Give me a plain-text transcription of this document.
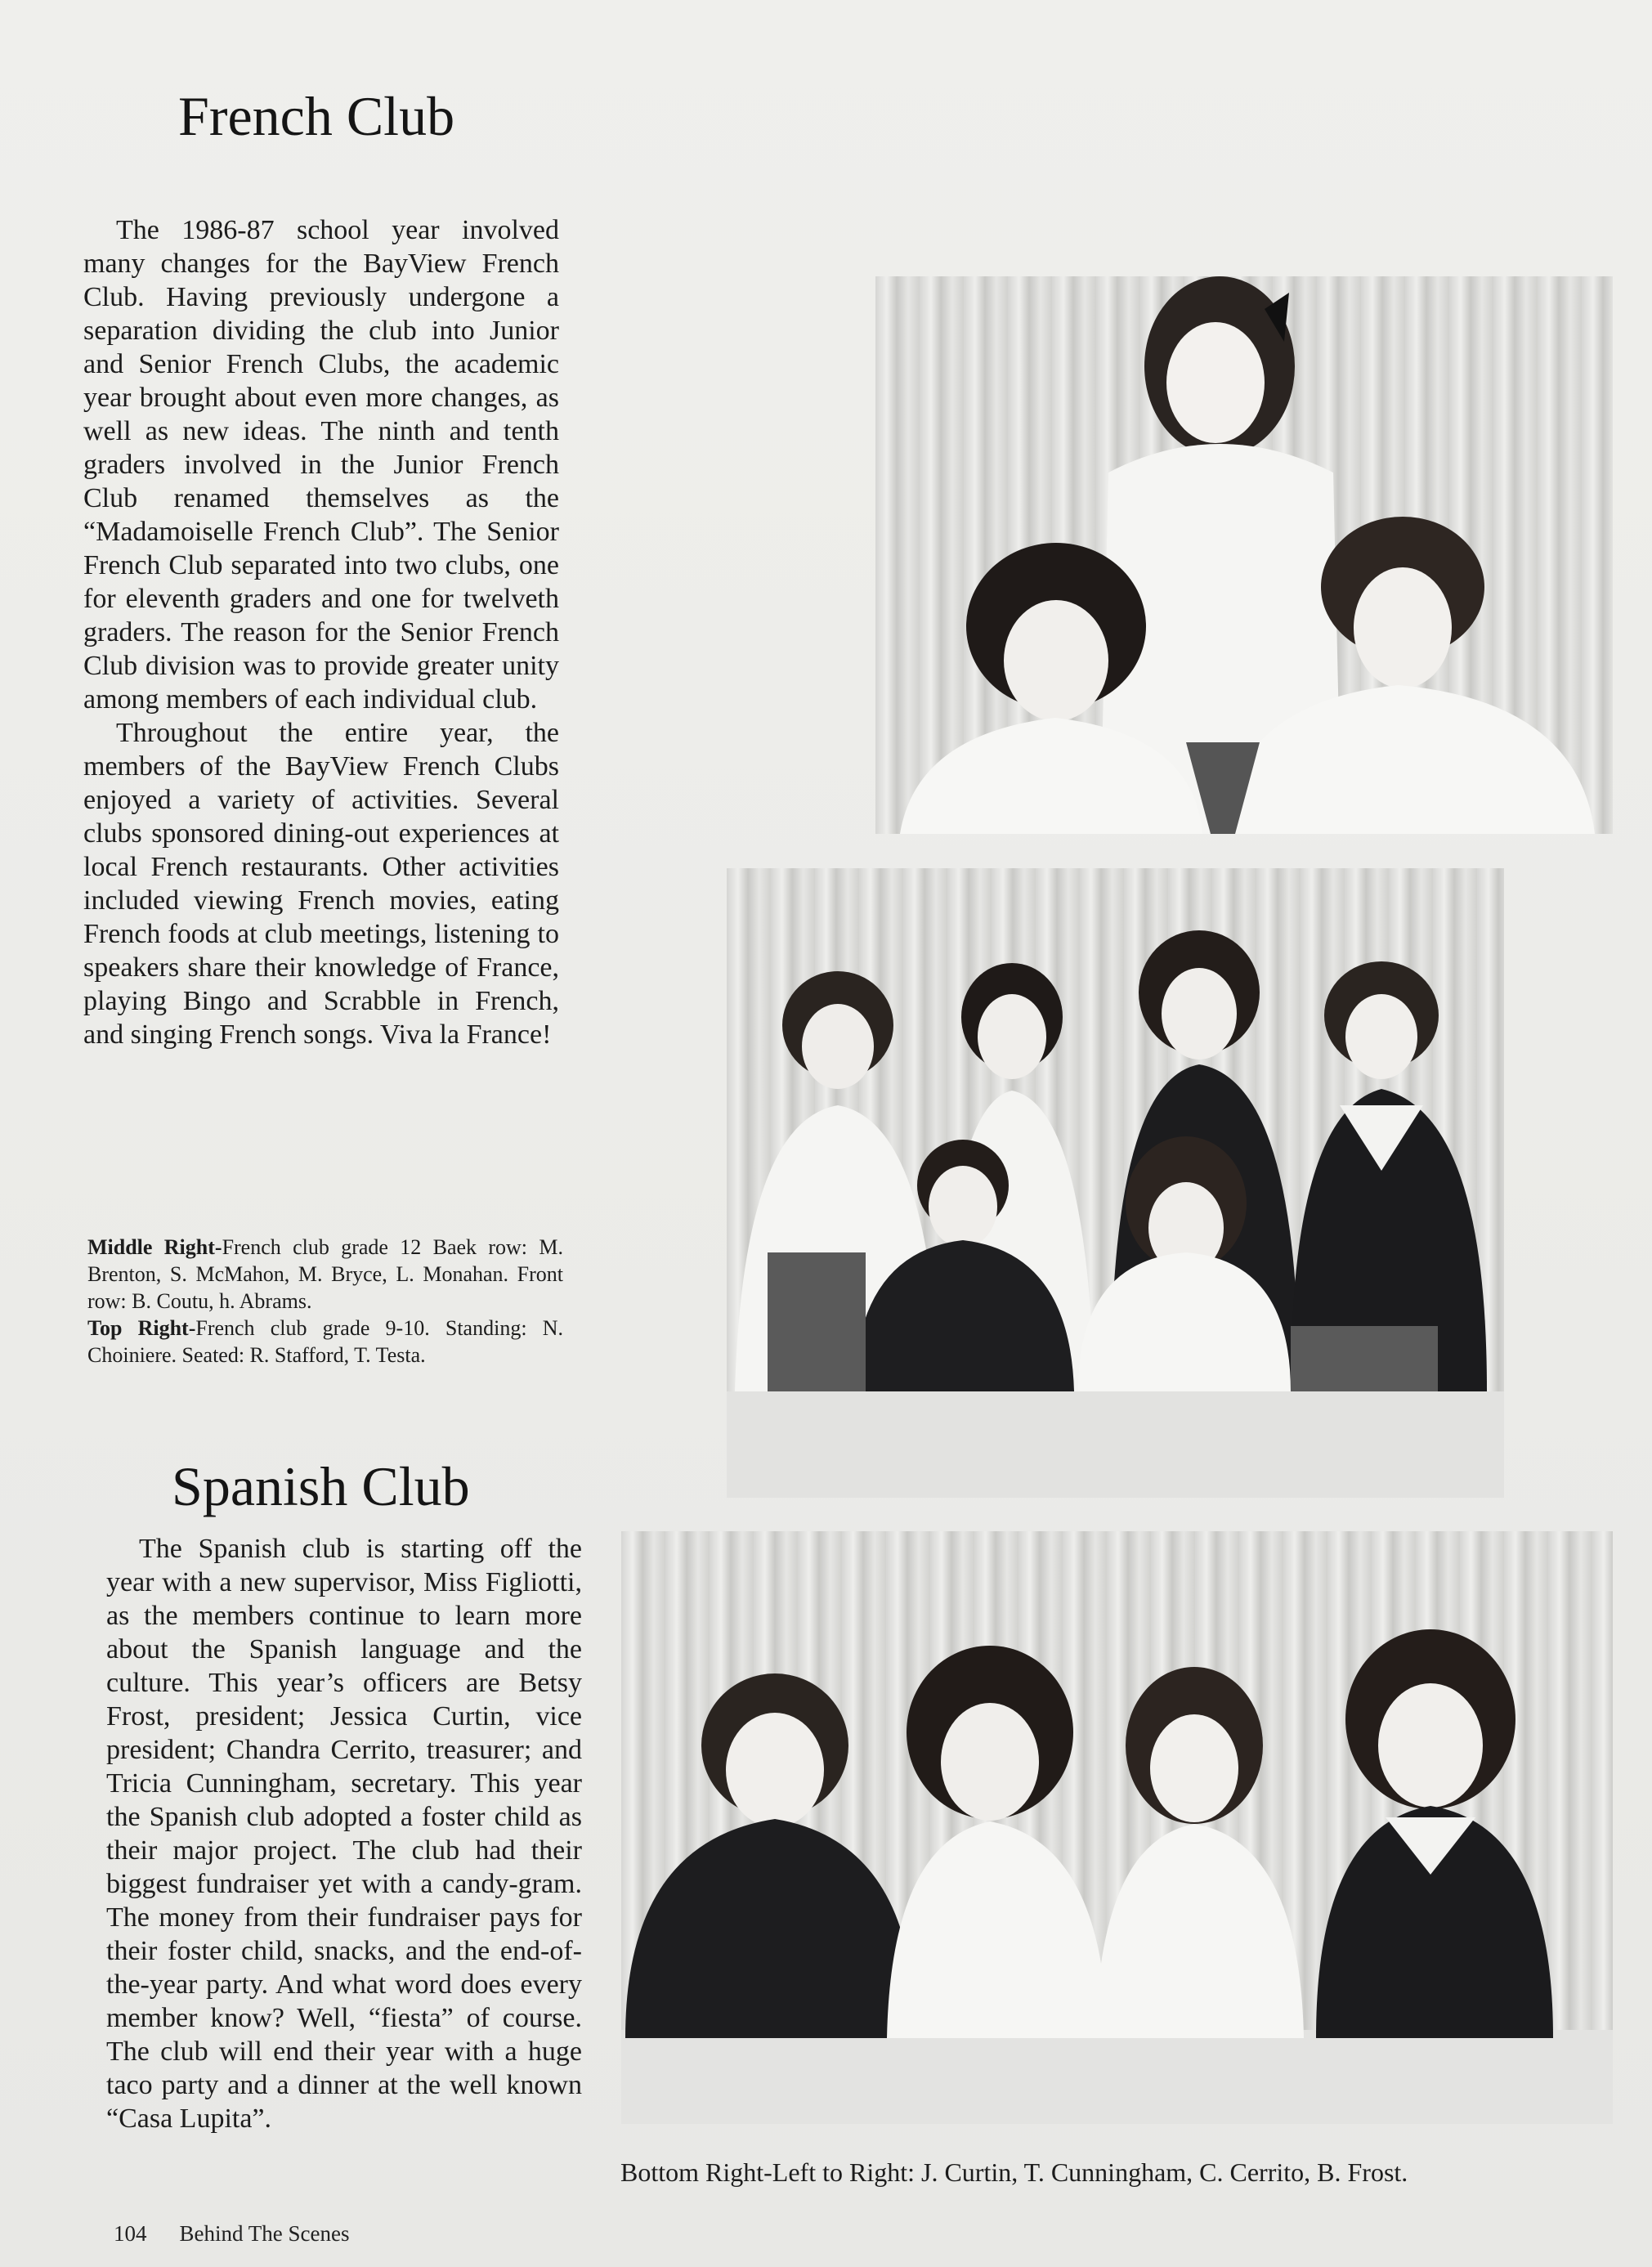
French Club

The 1986-87 school year involved many changes for the BayView French Club. Having previously undergone a separation dividing the club into Junior and Senior French Clubs, the academic year brought about even more changes, as well as new ideas. The ninth and tenth graders involved in the Junior French Club renamed themselves as the “Madamoiselle French Club”. The Senior French Club separated into two clubs, one for eleventh graders and one for twelveth graders. The reason for the Senior French Club division was to provide greater unity among members of each individual club.

Throughout the entire year, the members of the BayView French Clubs enjoyed a variety of activities. Several clubs sponsored dining-out experiences at local French restaurants. Other activities included viewing French movies, eating French foods at club meetings, listening to speakers share their knowledge of France, playing Bingo and Scrabble in French, and singing French songs. Viva la France!

Middle Right-French club grade 12 Baek row: M. Brenton, S. McMahon, M. Bryce, L. Monahan. Front row: B. Coutu, h. Abrams.

Top Right-French club grade 9-10. Standing: N. Choiniere. Seated: R. Stafford, T. Testa.

Spanish Club

The Spanish club is starting off the year with a new supervisor, Miss Figliotti, as the members continue to learn more about the Spanish language and the culture. This year’s officers are Betsy Frost, president; Jessica Curtin, vice president; Chandra Cerrito, treasurer; and Tricia Cunningham, secretary. This year the Spanish club adopted a foster child as their major project. The club had their biggest fundraiser yet with a candy-gram. The money from their fundraiser pays for their foster child, snacks, and the end-of-the-year party. And what word does every member know? Well, “fiesta” of course. The club will end their year with a huge taco party and a dinner at the well known “Casa Lupita”.

Bottom Right-Left to Right: J. Curtin, T. Cunningham, C. Cerrito, B. Frost.
104 Behind The Scenes
